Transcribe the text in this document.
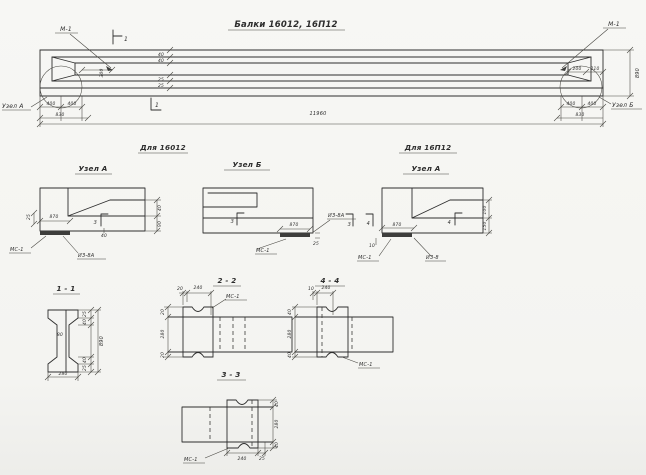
Балки 16012, 16П12
М-1
М-1
1
1
Узел А	Узел Б
11960
400	400
830
400	400
830
890
200 210
300
40
40
25
25
Для 16012
Узел А
870
25
3
40
МС-1
ИЗ-8А
40
90
Узел Б
3
870
25
МС-1
ИЗ-8А
3
Для 16П12
Узел А
4	4
870
10
МС-1	ИЗ-8
100
150
1 - 1
280
890
25
40
40
25
80
2 - 2
МС-1
20 240
20
280
20
4 - 4
10 240
40
280
40
МС-1
3 - 3
40
280
40
240	25
МС-1
